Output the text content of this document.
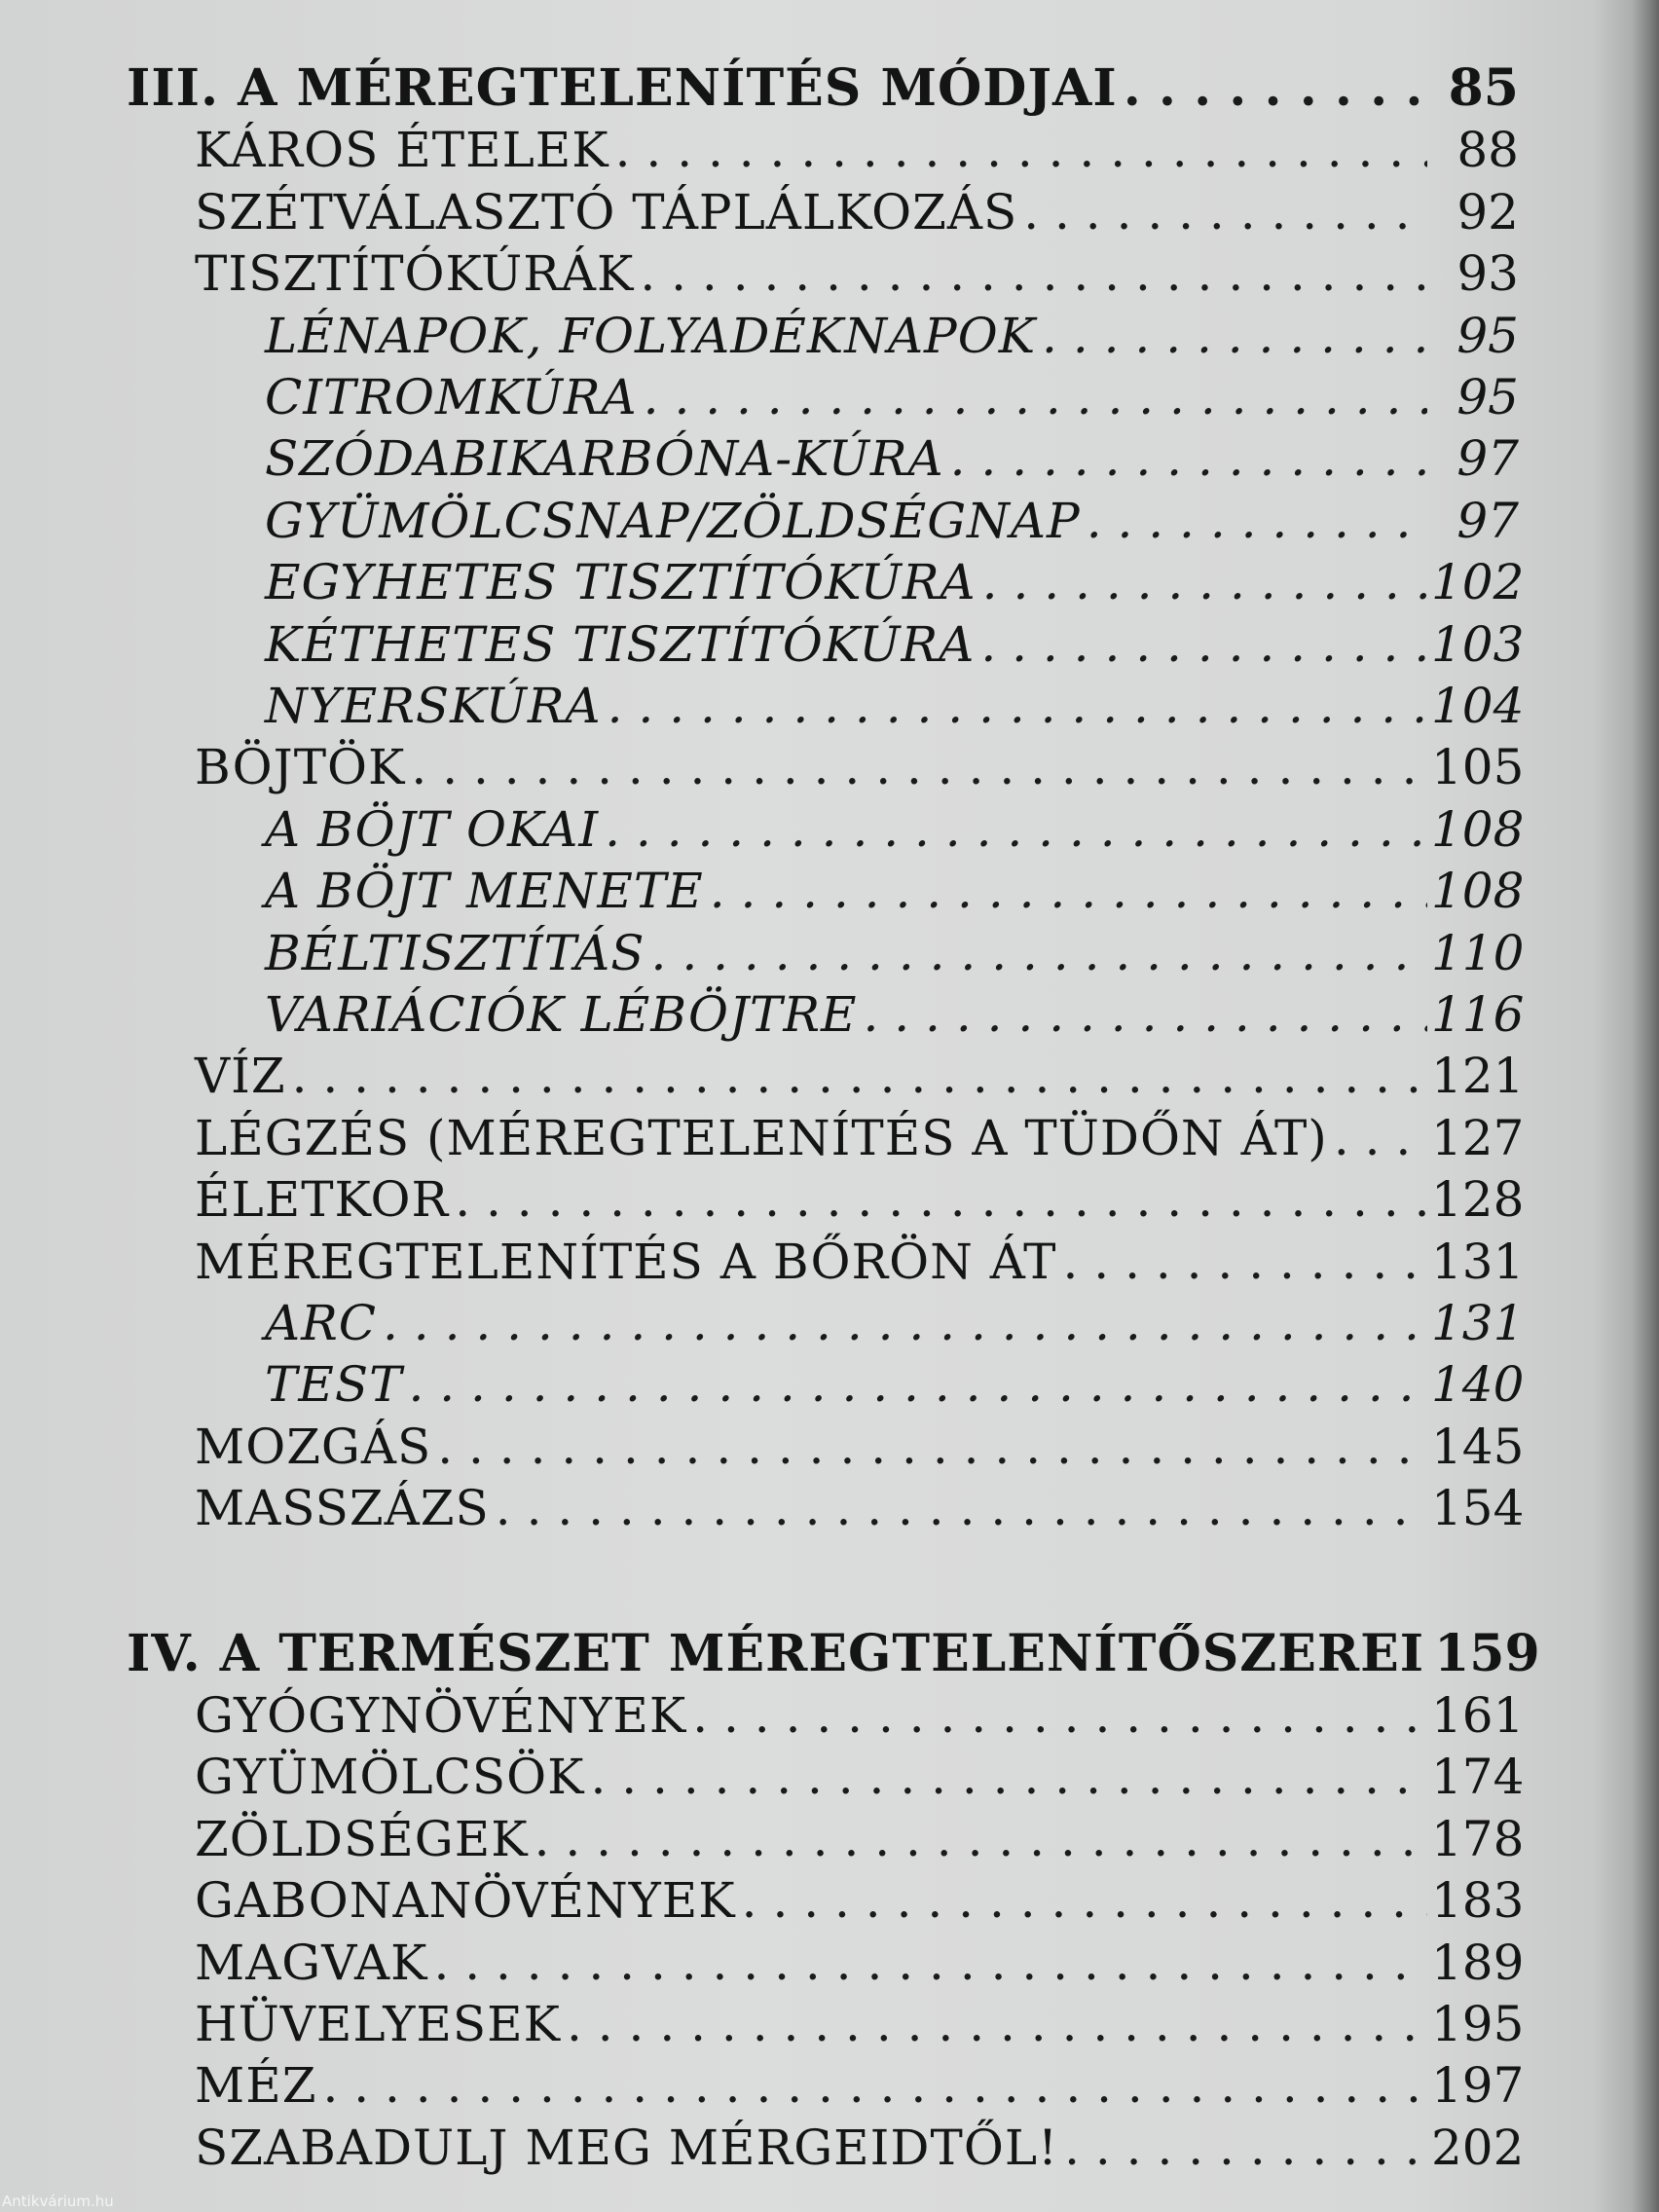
III. A MÉREGTELENÍTÉS MÓDJAI . . .	85
KÁROS ÉTELEK . . .	88
SZÉTVÁLASZTÓ TÁPLÁLKOZÁS . . .	92
TISZTÍTÓKÚRÁK . . .	93
LÉNAPOK, FOLYADÉKNAPOK . . .	95
CITROMKÚRA . . .	95
SZÓDABIKARBÓNA-KÚRA . . .	97
GYÜMÖLCSNAP/ZÖLDSÉGNAP . . .	97
EGYHETES TISZTÍTÓKÚRA . . .	102
KÉTHETES TISZTÍTÓKÚRA . . .	103
NYERSKÚRA . . .	104
BÖJTÖK . . .	105
A BÖJT OKAI . . .	108
A BÖJT MENETE . . .	108
BÉLTISZTÍTÁS . . .	110
VARIÁCIÓK LÉBÖJTRE . . .	116
VÍZ . . .	121
LÉGZÉS (MÉREGTELENÍTÉS A TÜDŐN ÁT) . . . 127
ÉLETKOR . . .	128
MÉREGTELENÍTÉS A BŐRÖN ÁT . . .	131
ARC . . .	131
TEST . . .	140
MOZGÁS . . .	145
MASSZÁZS . . .	154
IV. A TERMÉSZET MÉREGTELENÍTŐSZEREI 159
GYÓGYNÖVÉNYEK . . .	161
GYÜMÖLCSÖK . . .	174
ZÖLDSÉGEK . . .	178
GABONANÖVÉNYEK . . .	183
MAGVAK . . .	189
HÜVELYESEK . . .	195
MÉZ . . .	197
SZABADULJ MEG MÉRGEIDTŐL! . . .	202
Antikvárium.hu
